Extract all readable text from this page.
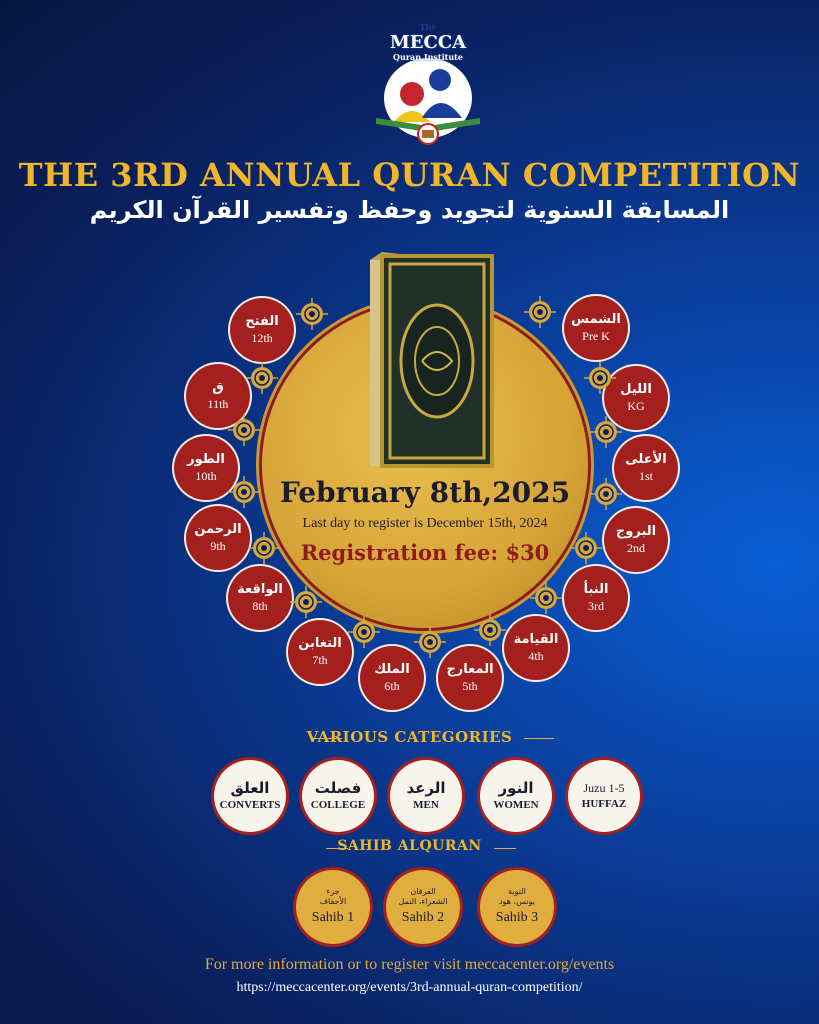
The
MECCA
Quran Institute
THE 3RD ANNUAL QURAN COMPETITION
المسابقة السنوية لتجويد وحفظ وتفسير القرآن الكريم
February 8th,2025
Last day to register is December 15th, 2024
Registration fee: $30
الشمس
Pre K
الليل
KG
الأعلى
1st
البروج
2nd
النبأ
3rd
القيامة
4th
المعارج
5th
الملك
6th
التغابن
7th
الواقعة
8th
الرحمن
9th
الطور
10th
ق
11th
الفتح
12th
VARIOUS CATEGORIES
العلق
CONVERTS
فصلت
COLLEGE
الرعد
MEN
النور
WOMEN
Juzu 1-5
HUFFAZ
SAHIB ALQURAN
جزء
الأحقاف
Sahib 1
الفرقان
الشعراء، النمل
Sahib 2
التوبة
يونس، هود
Sahib 3
For more information or to register visit meccacenter.org/events
https://meccacenter.org/events/3rd-annual-quran-competition/
